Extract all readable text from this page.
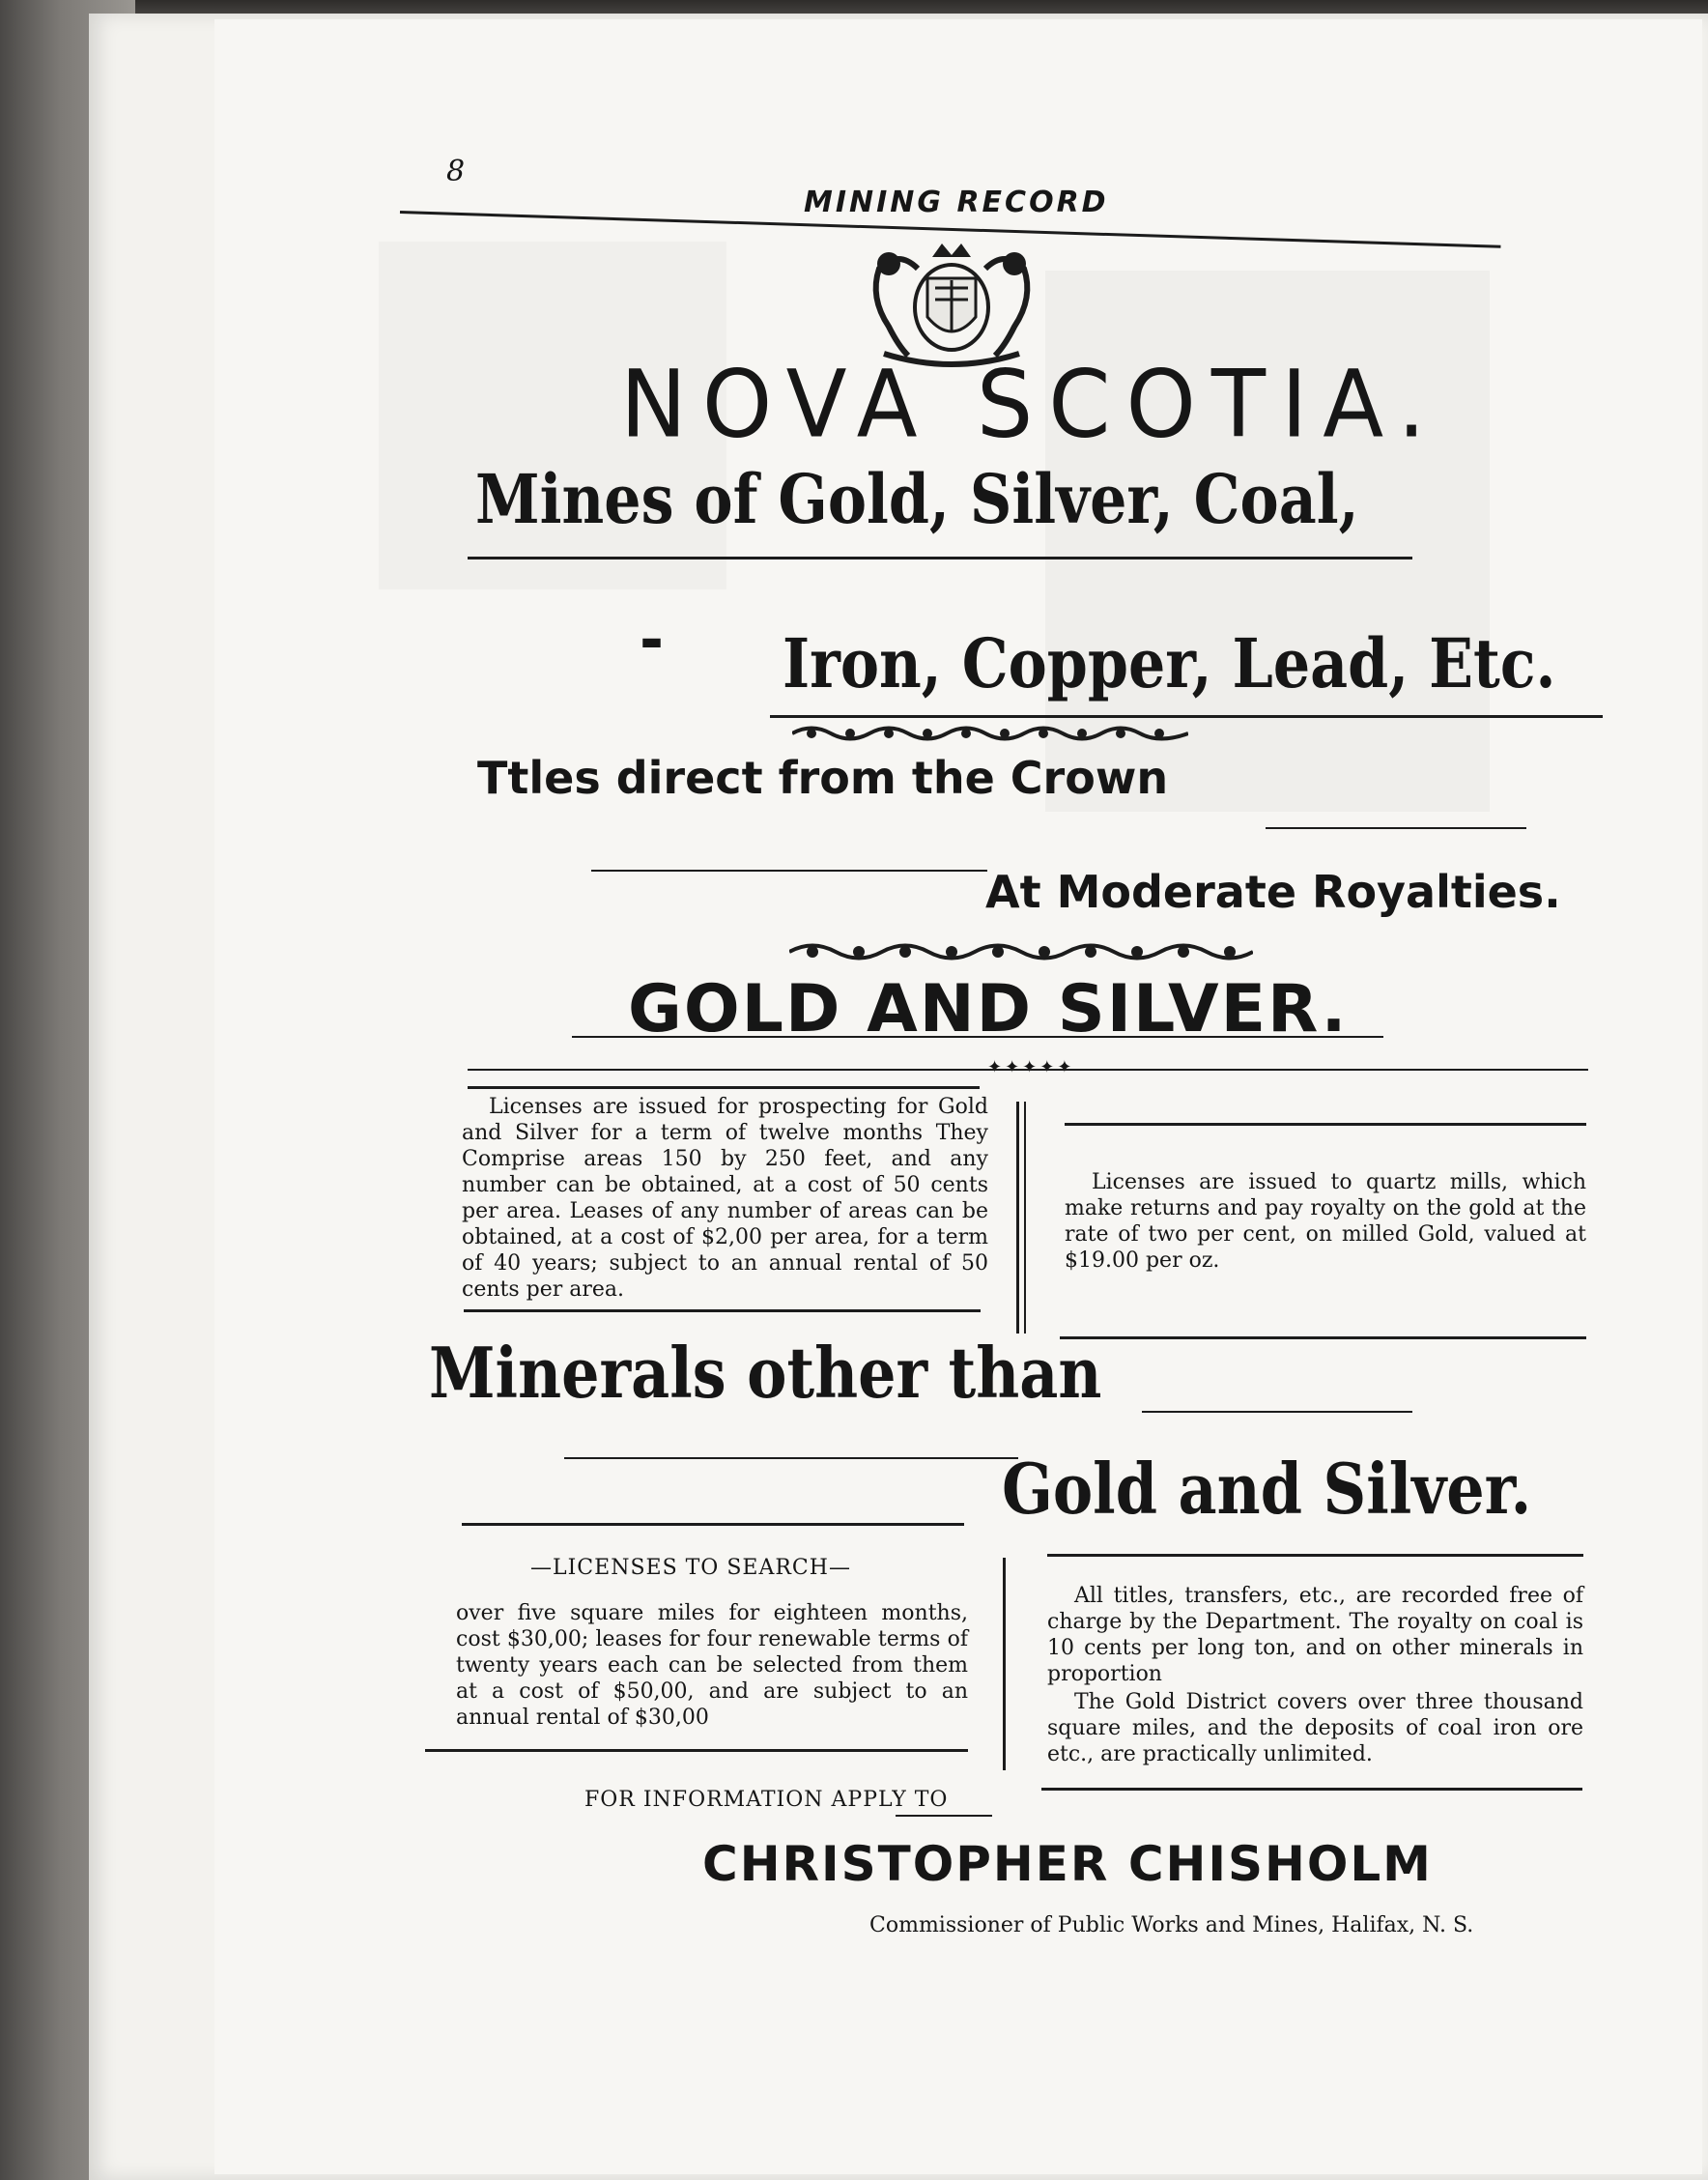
8
MINING RECORD
NOVA SCOTIA.
Mines of Gold, Silver, Coal,
- Iron, Copper, Lead, Etc.
Ttles direct from the Crown
At Moderate Royalties.
GOLD AND SILVER.
✦✦✦✦✦
Licenses are issued for prospecting for Gold and Silver for a term of twelve months They Comprise areas 150 by 250 feet, and any number can be obtained, at a cost of 50 cents per area. Leases of any number of areas can be obtained, at a cost of $2,00 per area, for a term of 40 years; subject to an annual rental of 50 cents per area.
Licenses are issued to quartz mills, which make returns and pay royalty on the gold at the rate of two per cent, on milled Gold, valued at $19.00 per oz.
Minerals other than
Gold and Silver.
—LICENSES TO SEARCH—
over five square miles for eighteen months, cost $30,00; leases for four renewable terms of twenty years each can be selected from them at a cost of $50,00, and are subject to an annual rental of $30,00
All titles, transfers, etc., are recorded free of charge by the Department. The royalty on coal is 10 cents per long ton, and on other minerals in proportion
The Gold District covers over three thousand square miles, and the deposits of coal iron ore etc., are practically unlimited.
FOR INFORMATION APPLY TO
CHRISTOPHER CHISHOLM
Commissioner of Public Works and Mines, Halifax, N. S.
